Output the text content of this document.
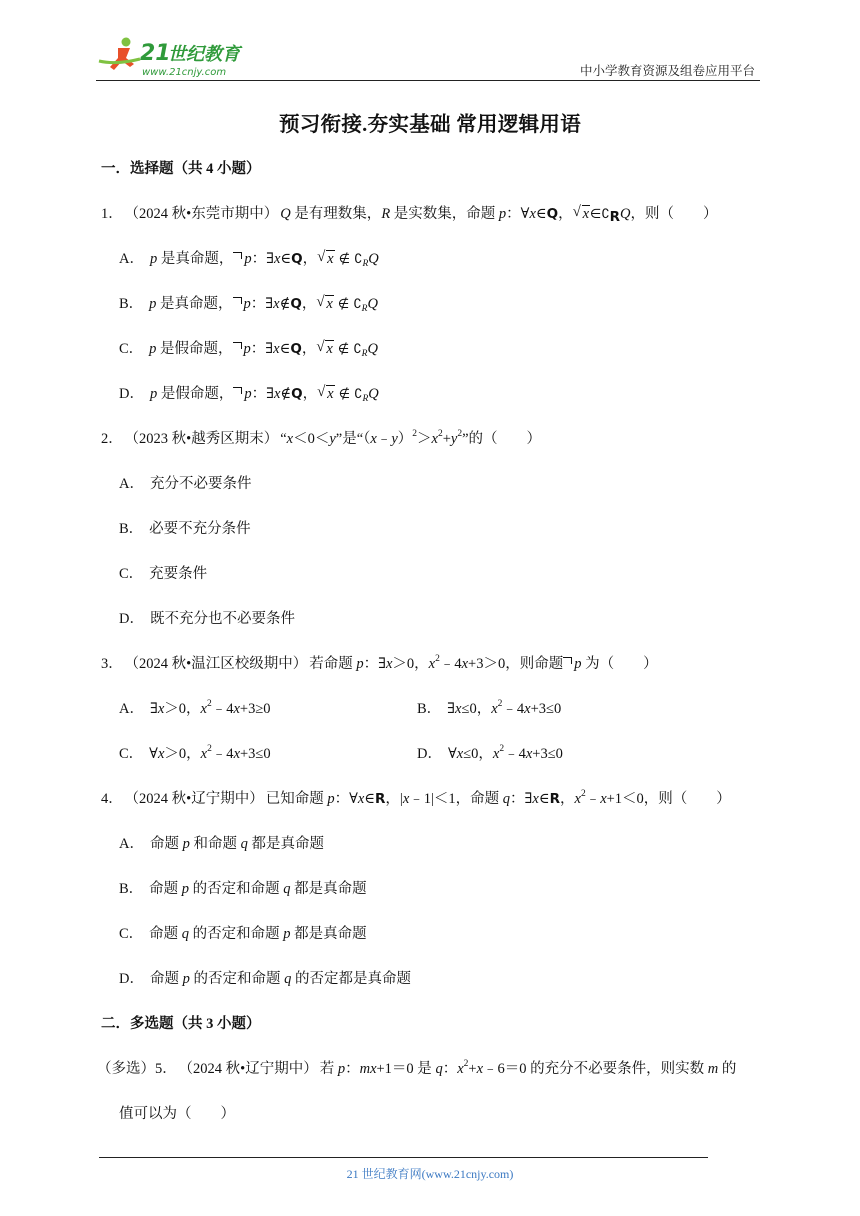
21
世纪教育
www.21cnjy.com	中小学教育资源及组卷应用平台
预习衔接.夯实基础 常用逻辑用语
一．选择题（共 4 小题）
1． （2024 秋•东莞市期中） Q 是有理数集，R 是实数集，命题 p：∀x∈Q， √ $x\in∁_RQ$，则（　　）
A． p 是真命题， p：∃x∈Q， √ x ∉ $∁_RQ$
B． p 是真命题， p：∃x∉Q， √ x ∉ $∁_RQ$
C． p 是假命题， p：∃x∈Q， √ x ∉ $∁_RQ$
D． p 是假命题， p：∃x∉Q， √ x ∉ $∁_RQ$
2． （2023 秋•越秀区期末） “x＜0＜y”是“$(x﹣y)^2>x^2+y^2$”的（　　）
A． 充分不必要条件
B． 必要不充分条件
C． 充要条件
D． 既不充分也不必要条件
3． （2024 秋•温江区校级期中） 若命题 p：∃x＞0，$x^2﹣4x+3>0$，则命题 p 为（　　）
A． ∃x＞0，$x^2﹣4x+3\ge 0$	B． ∃x≤0，$x^2﹣4x+3\le 0$
C． ∀x＞0，$x^2﹣4x+3\le 0$	D． ∀x≤0，$x^2﹣4x+3\le 0$
4． （2024 秋•辽宁期中） 已知命题 p：∀x∈R，|x﹣1|＜1，命题 q：∃x∈R，$x^2﹣x+1<0$，则（　　）
A． 命题 p 和命题 q 都是真命题
B． 命题 p 的否定和命题 q 都是真命题
C． 命题 q 的否定和命题 p 都是真命题
D． 命题 p 的否定和命题 q 的否定都是真命题
二．多选题（共 3 小题）
（多选）5． （2024 秋•辽宁期中） 若 p：mx+1＝0 是 q：$x^2+x﹣6=0$ 的充分不必要条件，则实数 m 的
值可以为（　　）
21 世纪教育网(www.21cnjy.com)
